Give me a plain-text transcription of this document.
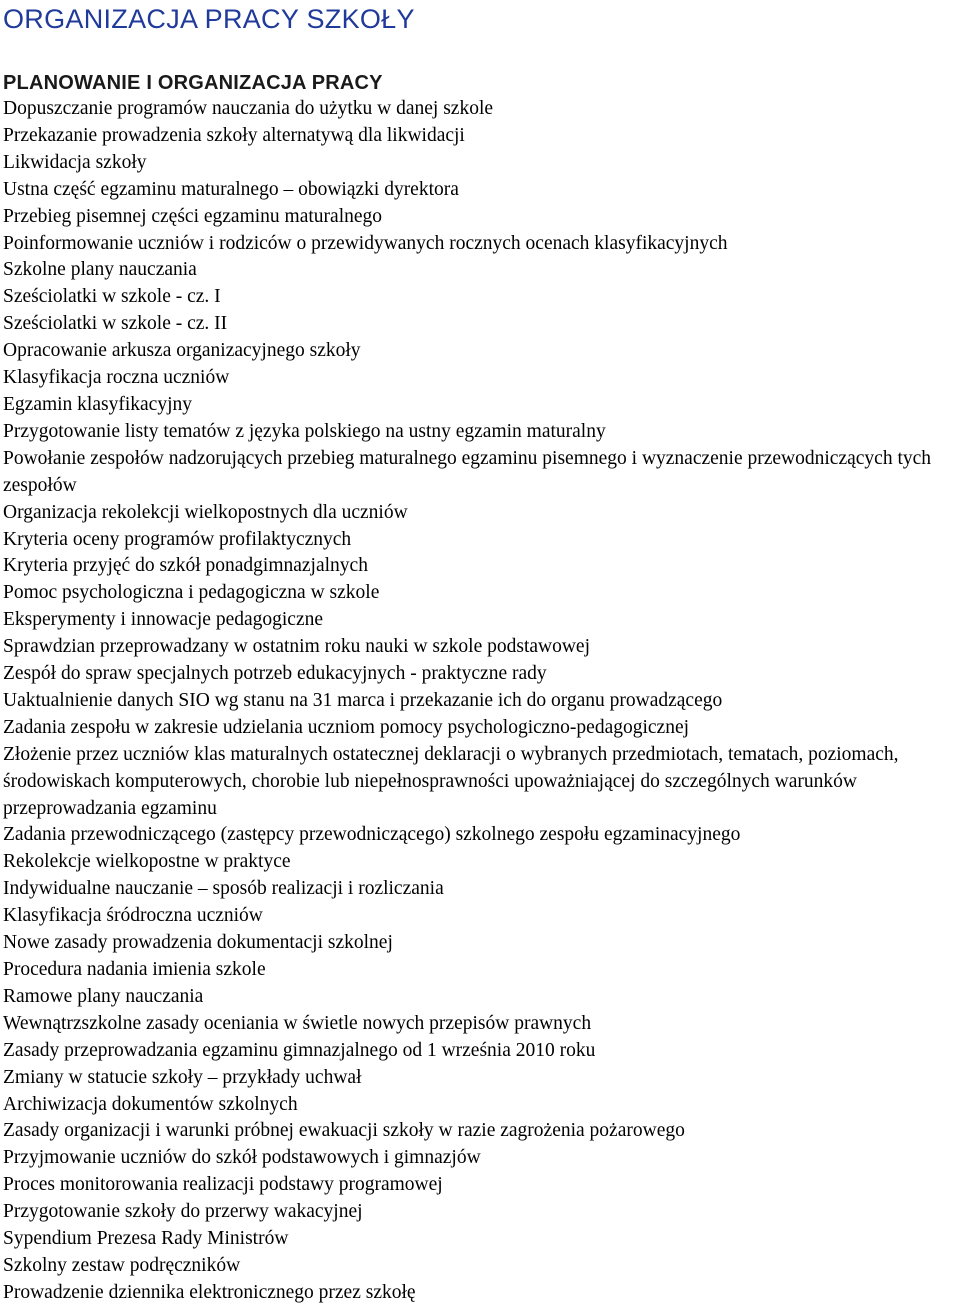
ORGANIZACJA PRACY SZKOŁY
PLANOWANIE I ORGANIZACJA PRACY
Dopuszczanie programów nauczania do użytku w danej szkole
Przekazanie prowadzenia szkoły alternatywą dla likwidacji
Likwidacja szkoły
Ustna część egzaminu maturalnego – obowiązki dyrektora
Przebieg pisemnej części egzaminu maturalnego
Poinformowanie uczniów i rodziców o przewidywanych rocznych ocenach klasyfikacyjnych
Szkolne plany nauczania
Sześciolatki w szkole - cz. I
Sześciolatki w szkole - cz. II
Opracowanie arkusza organizacyjnego szkoły
Klasyfikacja roczna uczniów
Egzamin klasyfikacyjny
Przygotowanie listy tematów z języka polskiego na ustny egzamin maturalny
Powołanie zespołów nadzorujących przebieg maturalnego egzaminu pisemnego i wyznaczenie przewodniczących tych zespołów
Organizacja rekolekcji wielkopostnych dla uczniów
Kryteria oceny programów profilaktycznych
Kryteria przyjęć do szkół ponadgimnazjalnych
Pomoc psychologiczna i pedagogiczna w szkole
Eksperymenty i innowacje pedagogiczne
Sprawdzian przeprowadzany w ostatnim roku nauki w szkole podstawowej
Zespół do spraw specjalnych potrzeb edukacyjnych - praktyczne rady
Uaktualnienie danych SIO wg stanu na 31 marca i przekazanie ich do organu prowadzącego
Zadania zespołu w zakresie udzielania uczniom pomocy psychologiczno-pedagogicznej
Złożenie przez uczniów klas maturalnych ostatecznej deklaracji o wybranych przedmiotach, tematach, poziomach, środowiskach komputerowych, chorobie lub niepełnosprawności upoważniającej do szczególnych warunków przeprowadzania egzaminu
Zadania przewodniczącego (zastępcy przewodniczącego) szkolnego zespołu egzaminacyjnego
Rekolekcje wielkopostne w praktyce
Indywidualne nauczanie – sposób realizacji i rozliczania
Klasyfikacja śródroczna uczniów
Nowe zasady prowadzenia dokumentacji szkolnej
Procedura nadania imienia szkole
Ramowe plany nauczania
Wewnątrzszkolne zasady oceniania w świetle nowych przepisów prawnych
Zasady przeprowadzania egzaminu gimnazjalnego od 1 września 2010 roku
Zmiany w statucie szkoły – przykłady uchwał
Archiwizacja dokumentów szkolnych
Zasady organizacji i warunki próbnej ewakuacji szkoły w razie zagrożenia pożarowego
Przyjmowanie uczniów do szkół podstawowych i gimnazjów
Proces monitorowania realizacji podstawy programowej
Przygotowanie szkoły do przerwy wakacyjnej
Sypendium Prezesa Rady Ministrów
Szkolny zestaw podręczników
Prowadzenie dziennika elektronicznego przez szkołę
